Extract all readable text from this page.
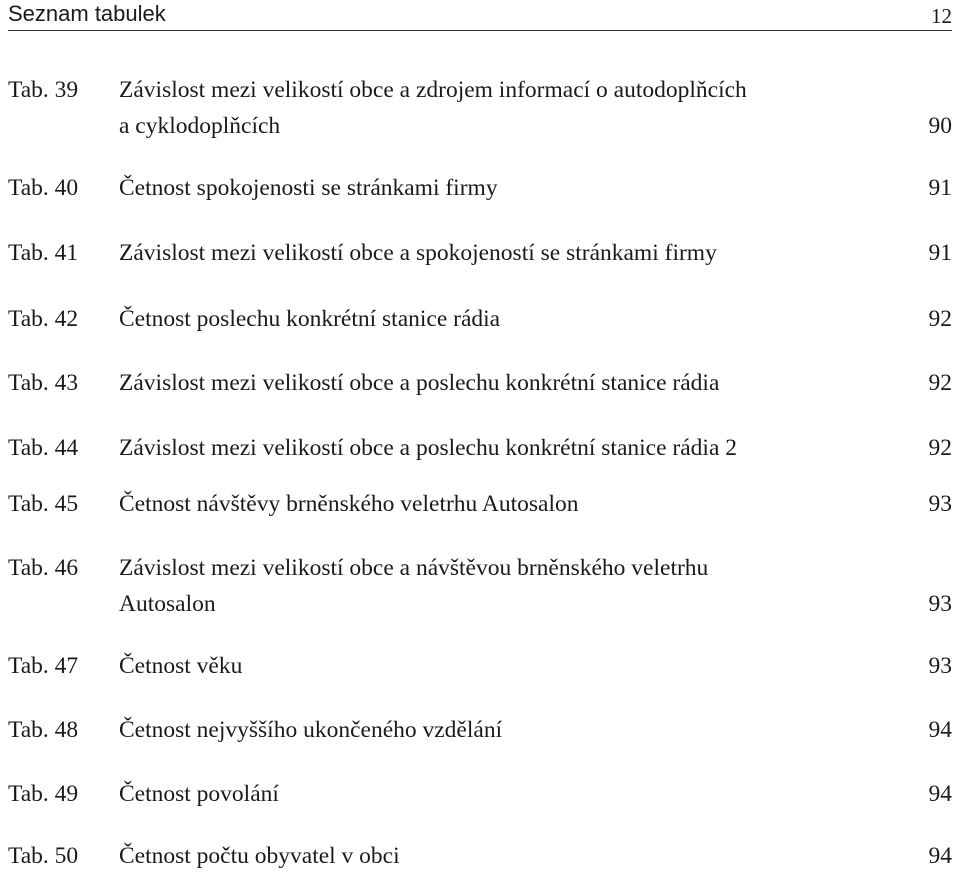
Seznam tabulek	12
Tab. 39	Závislost mezi velikostí obce a zdrojem informací o autodoplňcích
a cyklodoplňcích	90
Tab. 40	Četnost spokojenosti se stránkami firmy	91
Tab. 41	Závislost mezi velikostí obce a spokojeností se stránkami firmy	91
Tab. 42	Četnost poslechu konkrétní stanice rádia	92
Tab. 43	Závislost mezi velikostí obce a poslechu konkrétní stanice rádia	92
Tab. 44	Závislost mezi velikostí obce a poslechu konkrétní stanice rádia 2	92
Tab. 45	Četnost návštěvy brněnského veletrhu Autosalon	93
Tab. 46	Závislost mezi velikostí obce a návštěvou brněnského veletrhu
Autosalon	93
Tab. 47	Četnost věku	93
Tab. 48	Četnost nejvyššího ukončeného vzdělání	94
Tab. 49	Četnost povolání	94
Tab. 50	Četnost počtu obyvatel v obci	94
